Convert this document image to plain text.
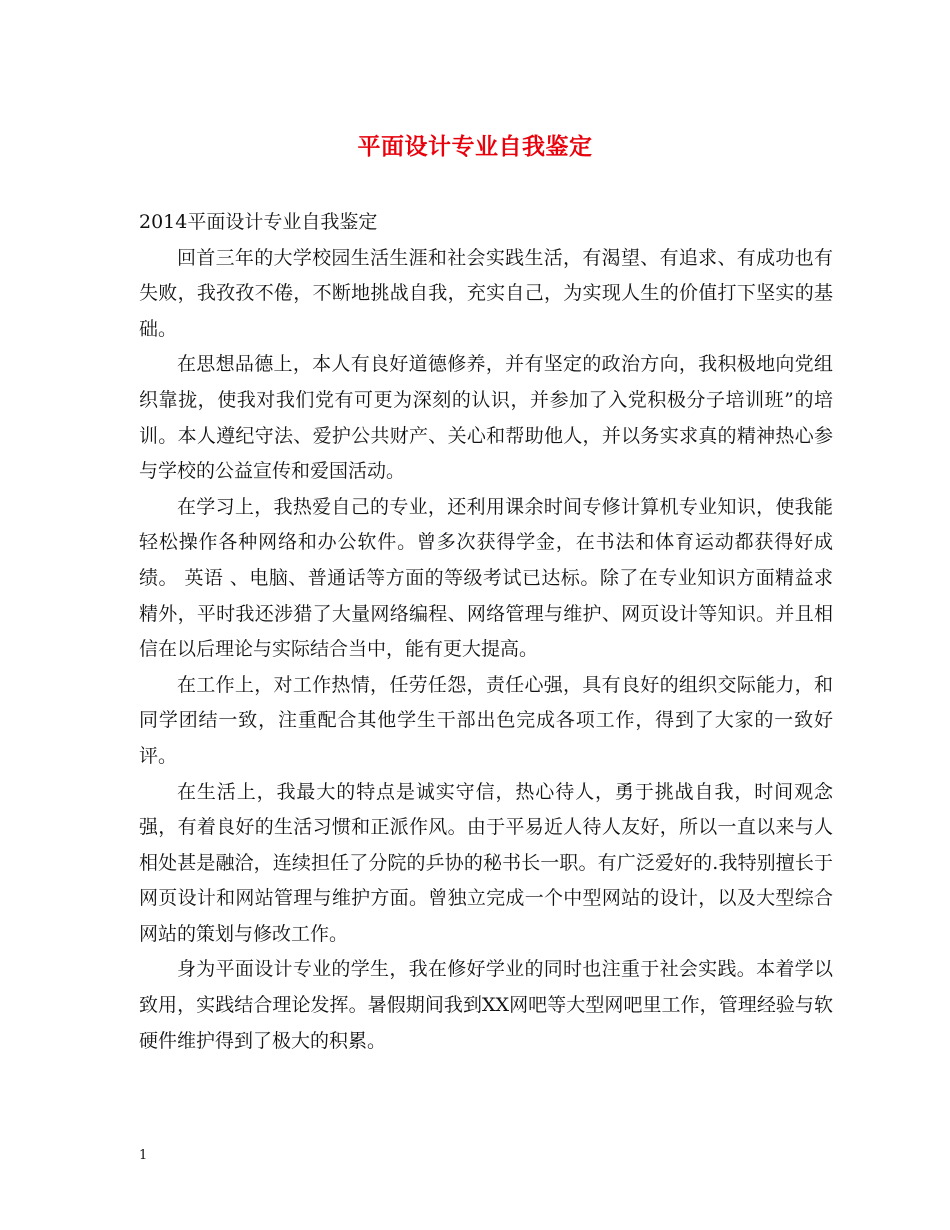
平面设计专业自我鉴定

2014平面设计专业自我鉴定

回首三年的大学校园生活生涯和社会实践生活，有渴望、有追求、有成功也有失败，我孜孜不倦，不断地挑战自我，充实自己，为实现人生的价值打下坚实的基础。

在思想品德上，本人有良好道德修养，并有坚定的政治方向，我积极地向党组织靠拢，使我对我们党有可更为深刻的认识，并参加了入党积极分子培训班”的培训。本人遵纪守法、爱护公共财产、关心和帮助他人，并以务实求真的精神热心参与学校的公益宣传和爱国活动。

在学习上，我热爱自己的专业，还利用课余时间专修计算机专业知识，使我能轻松操作各种网络和办公软件。曾多次获得学金，在书法和体育运动都获得好成绩。 英语 、电脑、普通话等方面的等级考试已达标。除了在专业知识方面精益求精外，平时我还涉猎了大量网络编程、网络管理与维护、网页设计等知识。并且相信在以后理论与实际结合当中，能有更大提高。

在工作上，对工作热情，任劳任怨，责任心强，具有良好的组织交际能力，和同学团结一致，注重配合其他学生干部出色完成各项工作，得到了大家的一致好评。

在生活上，我最大的特点是诚实守信，热心待人，勇于挑战自我，时间观念强，有着良好的生活习惯和正派作风。由于平易近人待人友好，所以一直以来与人相处甚是融洽，连续担任了分院的乒协的秘书长一职。有广泛爱好的.我特别擅长于网页设计和网站管理与维护方面。曾独立完成一个中型网站的设计，以及大型综合网站的策划与修改工作。

身为平面设计专业的学生，我在修好学业的同时也注重于社会实践。本着学以致用，实践结合理论发挥。暑假期间我到XX网吧等大型网吧里工作，管理经验与软硬件维护得到了极大的积累。

1
